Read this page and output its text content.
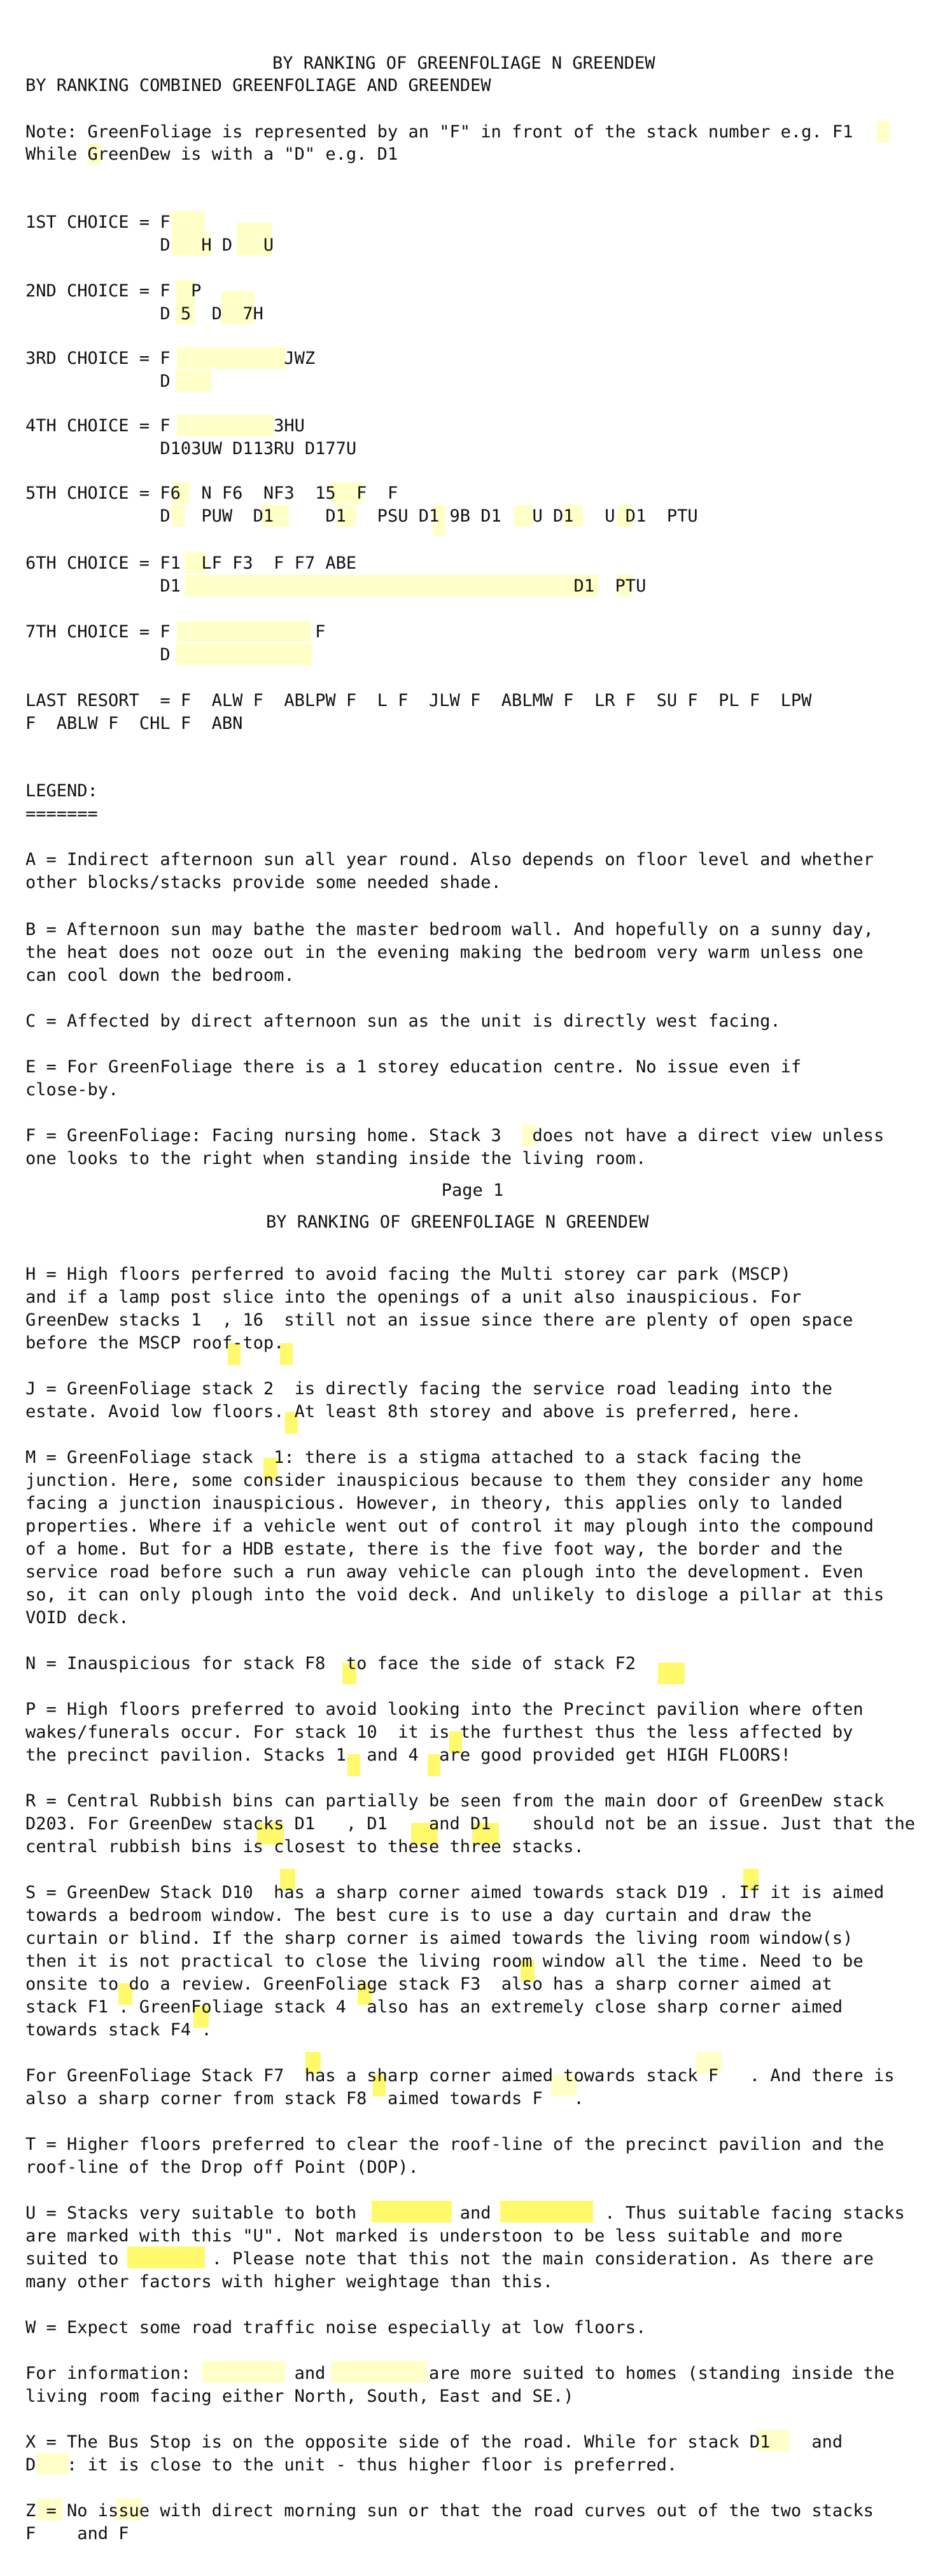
BY RANKING OF GREENFOLIAGE N GREENDEW
BY RANKING COMBINED GREENFOLIAGE AND GREENDEW
Note: GreenFoliage is represented by an "F" in front of the stack number e.g. F1
While GreenDew is with a "D" e.g. D1
1ST CHOICE = F
D   H D   U
2ND CHOICE = F  P
D 5  D  7H
3RD CHOICE = F           JWZ
D
4TH CHOICE = F          3HU
D103UW D113RU D177U
5TH CHOICE = F6  N F6  NF3  15  F  F
D   PUW  D1     D1   PSU D1 9B D1   U D1   U D1  PTU
6TH CHOICE = F1  LF F3  F F7 ABE
D1                                      D1  PTU
7TH CHOICE = F              F
D
LAST RESORT  = F  ALW F  ABLPW F  L F  JLW F  ABLMW F  LR F  SU F  PL F  LPW
F  ABLW F  CHL F  ABN
LEGEND:
=======
A = Indirect afternoon sun all year round. Also depends on floor level and whether
other blocks/stacks provide some needed shade.
B = Afternoon sun may bathe the master bedroom wall. And hopefully on a sunny day,
the heat does not ooze out in the evening making the bedroom very warm unless one
can cool down the bedroom.
C = Affected by direct afternoon sun as the unit is directly west facing.
E = For GreenFoliage there is a 1 storey education centre. No issue even if
close-by.
F = GreenFoliage: Facing nursing home. Stack 3   does not have a direct view unless
one looks to the right when standing inside the living room.
Page 1
BY RANKING OF GREENFOLIAGE N GREENDEW
H = High floors perferred to avoid facing the Multi storey car park (MSCP)
and if a lamp post slice into the openings of a unit also inauspicious. For
GreenDew stacks 1  , 16  still not an issue since there are plenty of open space
before the MSCP roof-top.
J = GreenFoliage stack 2  is directly facing the service road leading into the
estate. Avoid low floors. At least 8th storey and above is preferred, here.
M = GreenFoliage stack  1: there is a stigma attached to a stack facing the
junction. Here, some consider inauspicious because to them they consider any home
facing a junction inauspicious. However, in theory, this applies only to landed
properties. Where if a vehicle went out of control it may plough into the compound
of a home. But for a HDB estate, there is the five foot way, the border and the
service road before such a run away vehicle can plough into the development. Even
so, it can only plough into the void deck. And unlikely to disloge a pillar at this
VOID deck.
N = Inauspicious for stack F8  to face the side of stack F2
P = High floors preferred to avoid looking into the Precinct pavilion where often
wakes/funerals occur. For stack 10  it is the furthest thus the less affected by
the precinct pavilion. Stacks 1  and 4  are good provided get HIGH FLOORS!
R = Central Rubbish bins can partially be seen from the main door of GreenDew stack
D203. For GreenDew stacks D1   , D1    and D1    should not be an issue. Just that the
central rubbish bins is closest to these three stacks.
S = GreenDew Stack D10  has a sharp corner aimed towards stack D19 . If it is aimed
towards a bedroom window. The best cure is to use a day curtain and draw the
curtain or blind. If the sharp corner is aimed towards the living room window(s)
then it is not practical to close the living room window all the time. Need to be
onsite to do a review. GreenFoliage stack F3  also has a sharp corner aimed at
stack F1 . GreenFoliage stack 4  also has an extremely close sharp corner aimed
towards stack F4 .
For GreenFoliage Stack F7  has a sharp corner aimed towards stack F   . And there is
also a sharp corner from stack F8  aimed towards F   .
T = Higher floors preferred to clear the roof-line of the precinct pavilion and the
roof-line of the Drop off Point (DOP).
U = Stacks very suitable to both          and           . Thus suitable facing stacks
are marked with this "U". Not marked is understoon to be less suitable and more
suited to         . Please note that this not the main consideration. As there are
many other factors with higher weightage than this.
W = Expect some road traffic noise especially at low floors.
For information:          and          are more suited to homes (standing inside the
living room facing either North, South, East and SE.)
X = The Bus Stop is on the opposite side of the road. While for stack D1    and
D   : it is close to the unit - thus higher floor is preferred.
Z = No issue with direct morning sun or that the road curves out of the two stacks
F    and F
